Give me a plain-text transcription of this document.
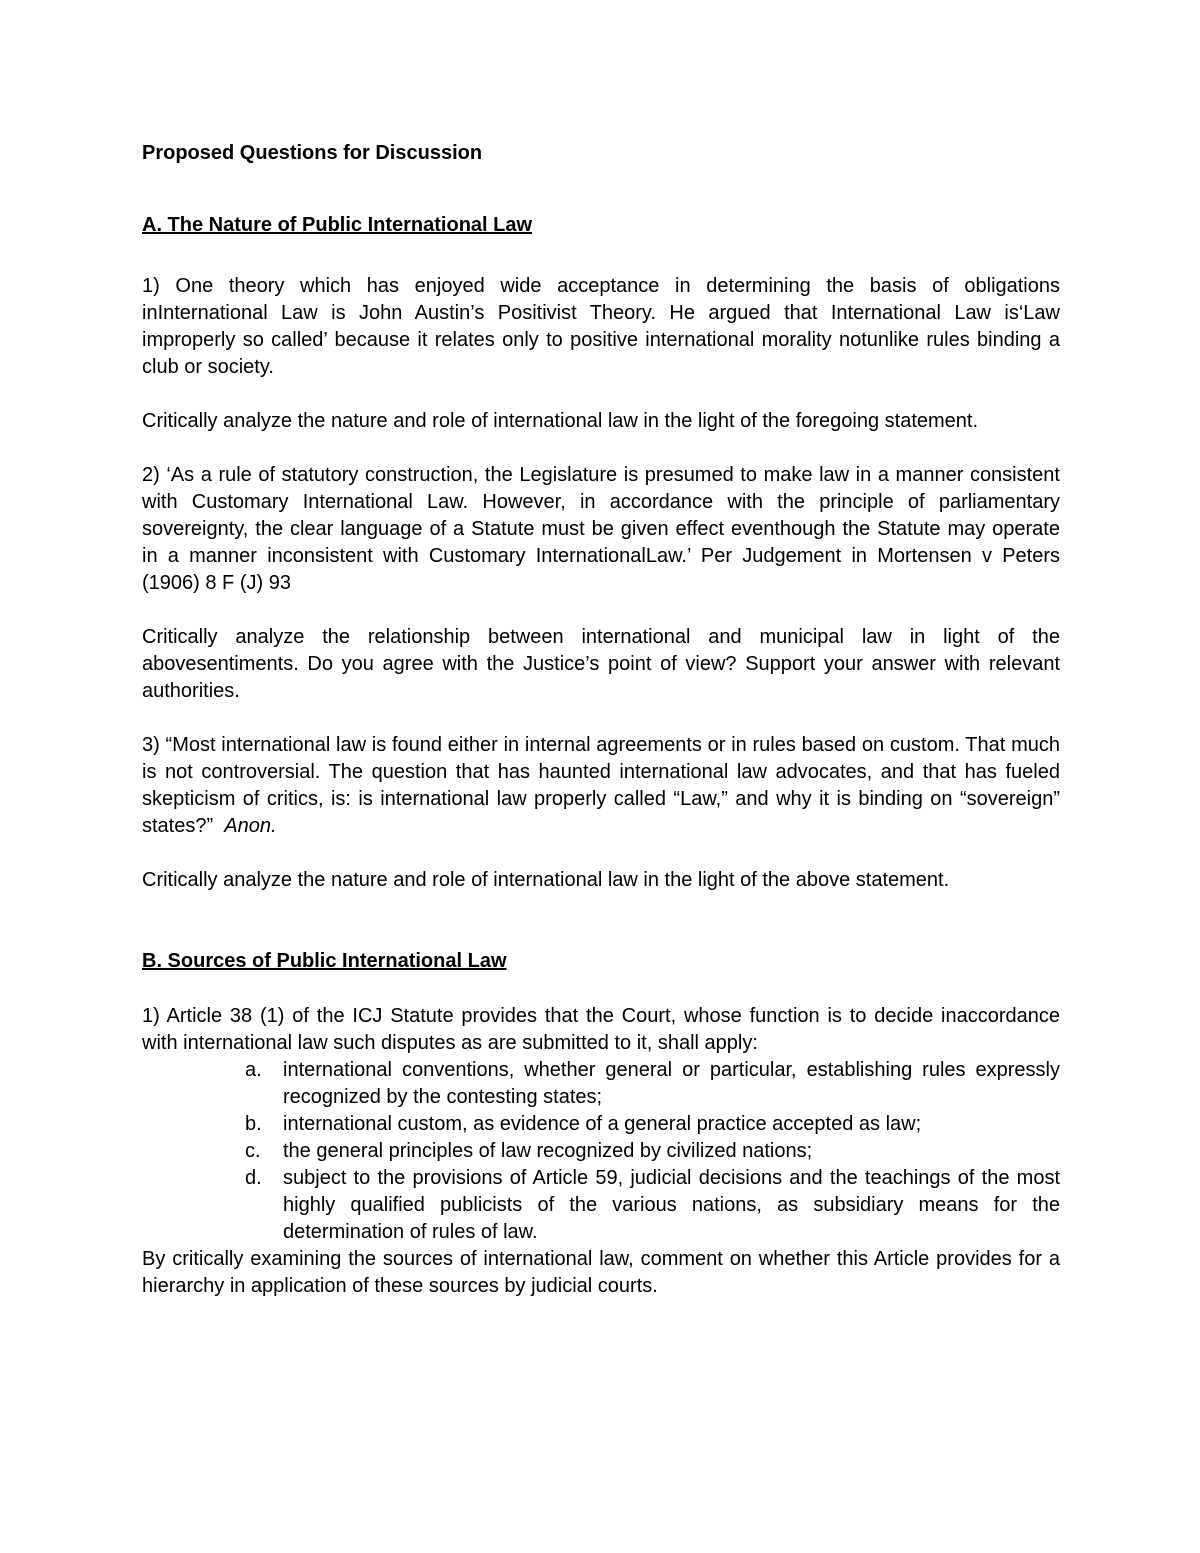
Proposed Questions for Discussion

A. The Nature of Public International Law

1) One theory which has enjoyed wide acceptance in determining the basis of obligations inInternational Law is John Austin’s Positivist Theory. He argued that International Law is‘Law improperly so called’ because it relates only to positive international morality notunlike rules binding a club or society.

Critically analyze the nature and role of international law in the light of the foregoing statement.

2) ‘As a rule of statutory construction, the Legislature is presumed to make law in a manner consistent with Customary International Law. However, in accordance with the principle of parliamentary sovereignty, the clear language of a Statute must be given effect eventhough the Statute may operate in a manner inconsistent with Customary InternationalLaw.’ Per Judgement in Mortensen v Peters (1906) 8 F (J) 93

Critically analyze the relationship between international and municipal law in light of the abovesentiments. Do you agree with the Justice’s point of view? Support your answer with relevant authorities.

3) “Most international law is found either in internal agreements or in rules based on custom. That much is not controversial. The question that has haunted international law advocates, and that has fueled skepticism of critics, is: is international law properly called “Law,” and why it is binding on “sovereign” states?” Anon.

Critically analyze the nature and role of international law in the light of the above statement.

B. Sources of Public International Law

1) Article 38 (1) of the ICJ Statute provides that the Court, whose function is to decide inaccordance with international law such disputes as are submitted to it, shall apply:

a. international conventions, whether general or particular, establishing rules expressly recognized by the contesting states;
b. international custom, as evidence of a general practice accepted as law;
c. the general principles of law recognized by civilized nations;
d. subject to the provisions of Article 59, judicial decisions and the teachings of the most highly qualified publicists of the various nations, as subsidiary means for the determination of rules of law.

By critically examining the sources of international law, comment on whether this Article provides for a hierarchy in application of these sources by judicial courts.
